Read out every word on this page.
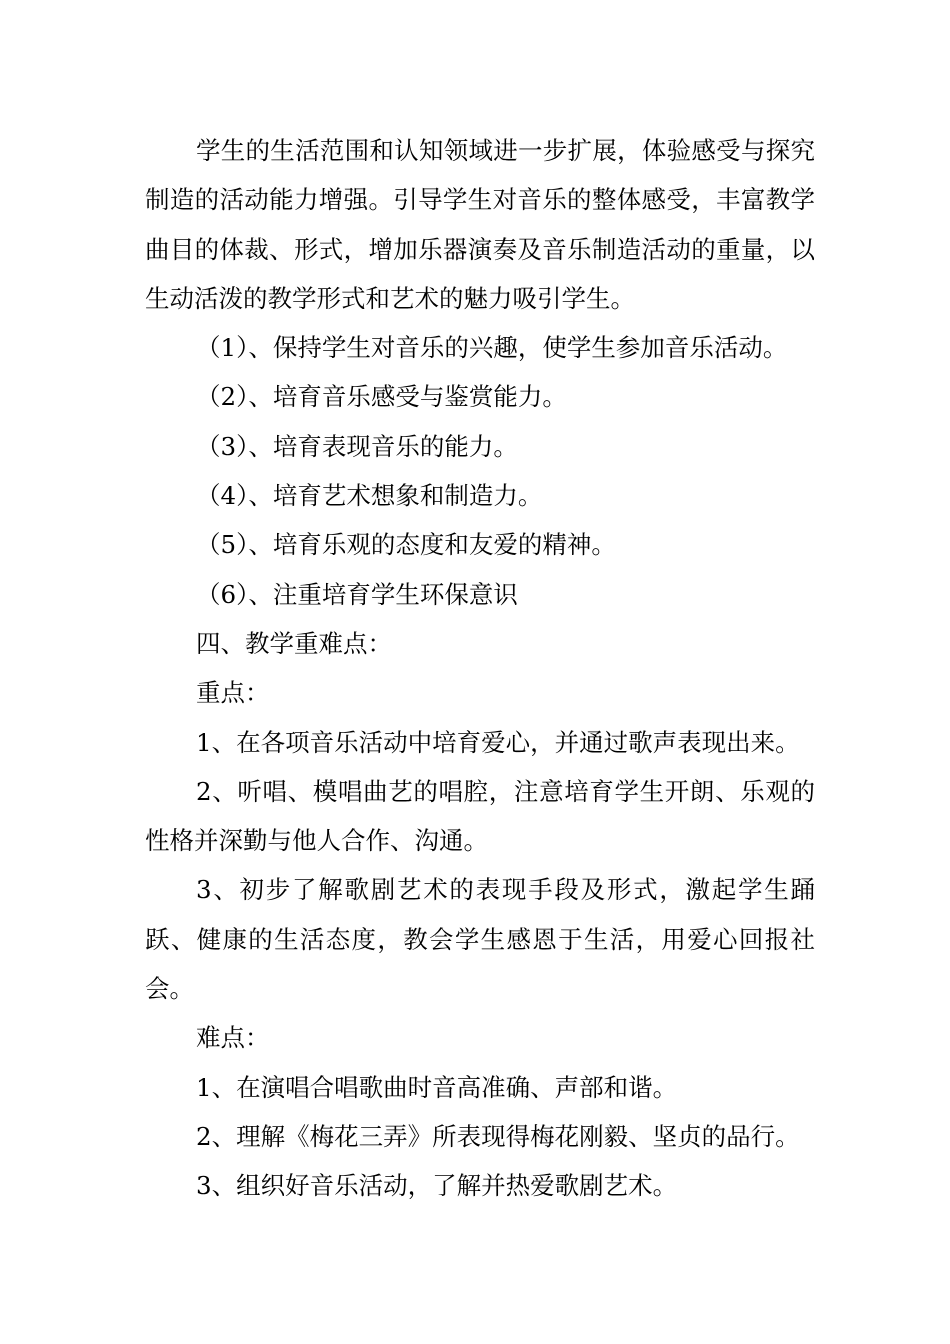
学生的生活范围和认知领域进一步扩展，体验感受与探究制造的活动能力增强。引导学生对音乐的整体感受，丰富教学曲目的体裁、形式，增加乐器演奏及音乐制造活动的重量，以生动活泼的教学形式和艺术的魅力吸引学生。

（1）、保持学生对音乐的兴趣，使学生参加音乐活动。

（2）、培育音乐感受与鉴赏能力。

（3）、培育表现音乐的能力。

（4）、培育艺术想象和制造力。

（5）、培育乐观的态度和友爱的精神。

（6）、注重培育学生环保意识

四、教学重难点：

重点：

1、在各项音乐活动中培育爱心，并通过歌声表现出来。

2、听唱、模唱曲艺的唱腔，注意培育学生开朗、乐观的性格并深勤与他人合作、沟通。

3、初步了解歌剧艺术的表现手段及形式，激起学生踊跃、健康的生活态度，教会学生感恩于生活，用爱心回报社会。

难点：

1、在演唱合唱歌曲时音高准确、声部和谐。

2、理解《梅花三弄》所表现得梅花刚毅、坚贞的品行。

3、组织好音乐活动，了解并热爱歌剧艺术。
